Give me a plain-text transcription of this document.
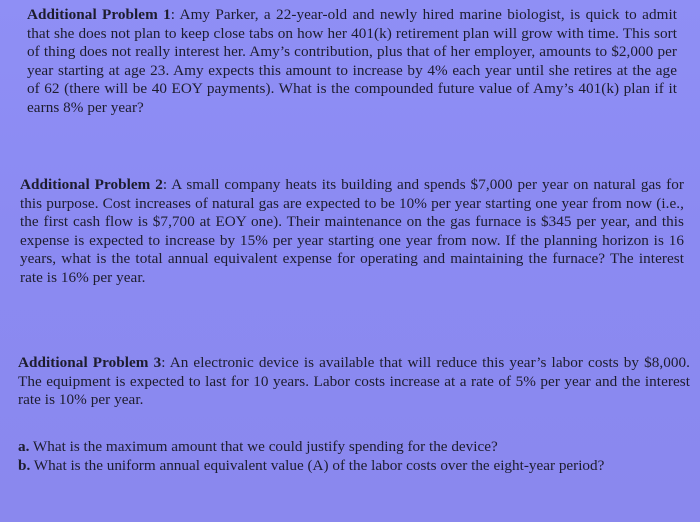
Additional Problem 1: Amy Parker, a 22-year-old and newly hired marine biologist, is quick to admit that she does not plan to keep close tabs on how her 401(k) retirement plan will grow with time. This sort of thing does not really interest her. Amy’s contribution, plus that of her employer, amounts to $2,000 per year starting at age 23. Amy expects this amount to increase by 4% each year until she retires at the age of 62 (there will be 40 EOY payments). What is the compounded future value of Amy’s 401(k) plan if it earns 8% per year?
Additional Problem 2: A small company heats its building and spends $7,000 per year on natural gas for this purpose. Cost increases of natural gas are expected to be 10% per year starting one year from now (i.e., the first cash flow is $7,700 at EOY one). Their maintenance on the gas furnace is $345 per year, and this expense is expected to increase by 15% per year starting one year from now. If the planning horizon is 16 years, what is the total annual equivalent expense for operating and maintaining the furnace? The interest rate is 16% per year.
Additional Problem 3: An electronic device is available that will reduce this year’s labor costs by $8,000. The equipment is expected to last for 10 years. Labor costs increase at a rate of 5% per year and the interest rate is 10% per year.
a. What is the maximum amount that we could justify spending for the device?
b. What is the uniform annual equivalent value (A) of the labor costs over the eight-year period?
